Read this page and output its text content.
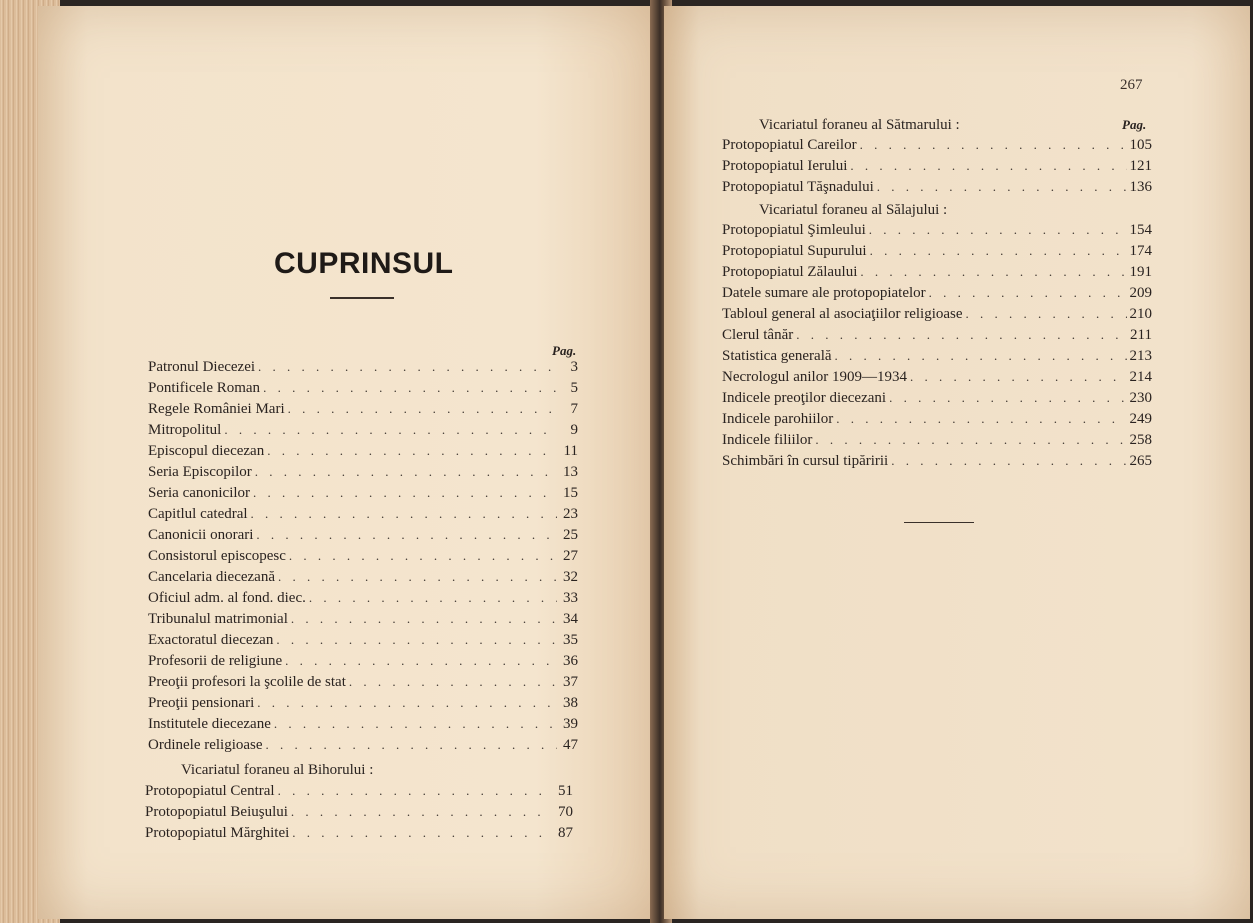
CUPRINSUL
Pag.
Patronul Diecezei . . .	3
Pontificele Roman . . .	5
Regele României Mari . . .	7
Mitropolitul . . .	9
Episcopul diecezan . . .	11
Seria Episcopilor . . .	13
Seria canonicilor . . .	15
Capitlul catedral . . .	23
Canonicii onorari . . .	25
Consistorul episcopesc . . .	27
Cancelaria diecezană . . .	32
Oficiul adm. al fond. diec. . . .	33
Tribunalul matrimonial . . .	34
Exactoratul diecezan . . .	35
Profesorii de religiune . . .	36
Preoţii profesori la şcolile de stat . . .	37
Preoţii pensionari . . .	38
Institutele diecezane . . .	39
Ordinele religioase . . .	47
Vicariatul foraneu al Bihorului :
Protopopiatul Central . . .	51
Protopopiatul Beiuşului . . .	70
Protopopiatul Mărghitei . . .	87
267
Vicariatul foraneu al Sătmarului :	Pag.
Protopopiatul Careilor . . .	105
Protopopiatul Ierului . . .	121
Protopopiatul Tăşnadului . . .	136
Vicariatul foraneu al Sălajului :
Protopopiatul Şimleului . . .	154
Protopopiatul Supurului . . .	174
Protopopiatul Zălaului . . .	191
Datele sumare ale protopopiatelor . . .	209
Tabloul general al asociaţiilor religioase . . .	210
Clerul tânăr . . .	211
Statistica generală . . .	213
Necrologul anilor 1909—1934 . . .	214
Indicele preoţilor diecezani . . .	230
Indicele parohiilor . . .	249
Indicele filiilor . . .	258
Schimbări în cursul tipăririi . . .	265
